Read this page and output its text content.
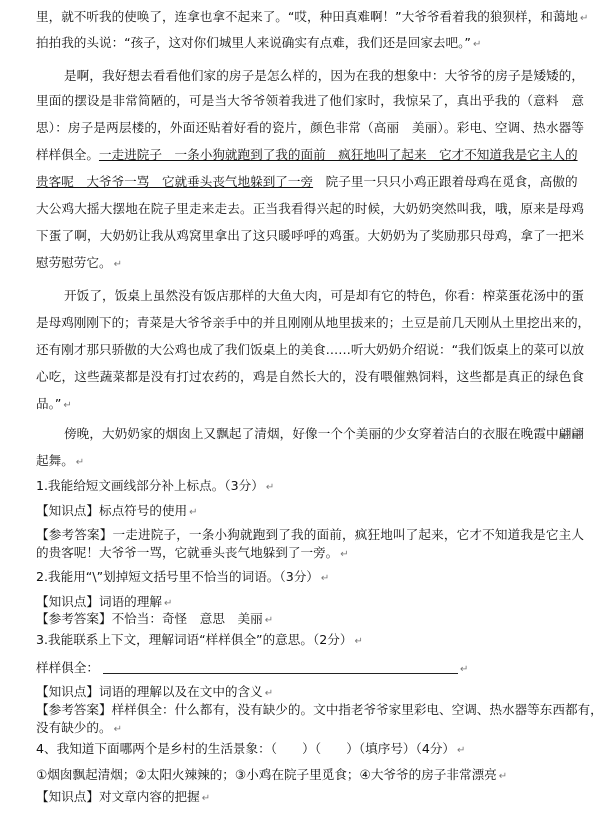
里，就不听我的使唤了，连拿也拿不起来了。“哎，种田真难啊！”大爷爷看着我的狼狈样，和蔼地 ↵
拍拍我的头说：“孩子，这对你们城里人来说确实有点难，我们还是回家去吧。” ↵
是啊，我好想去看看他们家的房子是怎么样的，因为在我的想象中：大爷爷的房子是矮矮的，
里面的摆设是非常简陋的，可是当大爷爷领着我进了他们家时，我惊呆了，真出乎我的（意料　意
思）：房子是两层楼的，外面还贴着好看的瓷片，颜色非常（高丽　美丽）。彩电、空调、热水器等
样样俱全。一走进院子　一条小狗就跑到了我的面前　疯狂地叫了起来　它才不知道我是它主人的
贵客呢　大爷爷一骂　它就垂头丧气地躲到了一旁　院子里一只只小鸡正跟着母鸡在觅食，高傲的
大公鸡大摇大摆地在院子里走来走去。正当我看得兴起的时候，大奶奶突然叫我，哦，原来是母鸡
下蛋了啊，大奶奶让我从鸡窝里拿出了这只暖呼呼的鸡蛋。大奶奶为了奖励那只母鸡，拿了一把米
慰劳慰劳它。 ↵
开饭了，饭桌上虽然没有饭店那样的大鱼大肉，可是却有它的特色，你看：榨菜蛋花汤中的蛋
是母鸡刚刚下的；青菜是大爷爷亲手中的并且刚刚从地里拔来的；土豆是前几天刚从土里挖出来的，
还有刚才那只骄傲的大公鸡也成了我们饭桌上的美食……听大奶奶介绍说：“我们饭桌上的菜可以放
心吃，这些蔬菜都是没有打过农药的，鸡是自然长大的，没有喂催熟饲料，这些都是真正的绿色食
品。” ↵
傍晚，大奶奶家的烟囱上又飘起了清烟，好像一个个美丽的少女穿着洁白的衣服在晚霞中翩翩
起舞。 ↵
1.我能给短文画线部分补上标点。（3分） ↵
【知识点】标点符号的使用 ↵
【参考答案】一走进院子，一条小狗就跑到了我的面前，疯狂地叫了起来，它才不知道我是它主人
的贵客呢！大爷爷一骂，它就垂头丧气地躲到了一旁。 ↵
2.我能用“\”划掉短文括号里不恰当的词语。（3分） ↵
【知识点】词语的理解 ↵
【参考答案】不恰当：奇怪　意思　美丽 ↵
3.我能联系上下文，理解词语“样样俱全”的意思。（2分） ↵
样样俱全：	↵
【知识点】词语的理解以及在文中的含义 ↵
【参考答案】样样俱全：什么都有，没有缺少的。文中指老爷爷家里彩电、空调、热水器等东西都有，
没有缺少的。 ↵
4、我知道下面哪两个是乡村的生活景象：（　　）（　　）（填序号）（4分） ↵
①烟囱飘起清烟；②太阳火辣辣的；③小鸡在院子里觅食；④大爷爷的房子非常漂亮 ↵
【知识点】对文章内容的把握 ↵
